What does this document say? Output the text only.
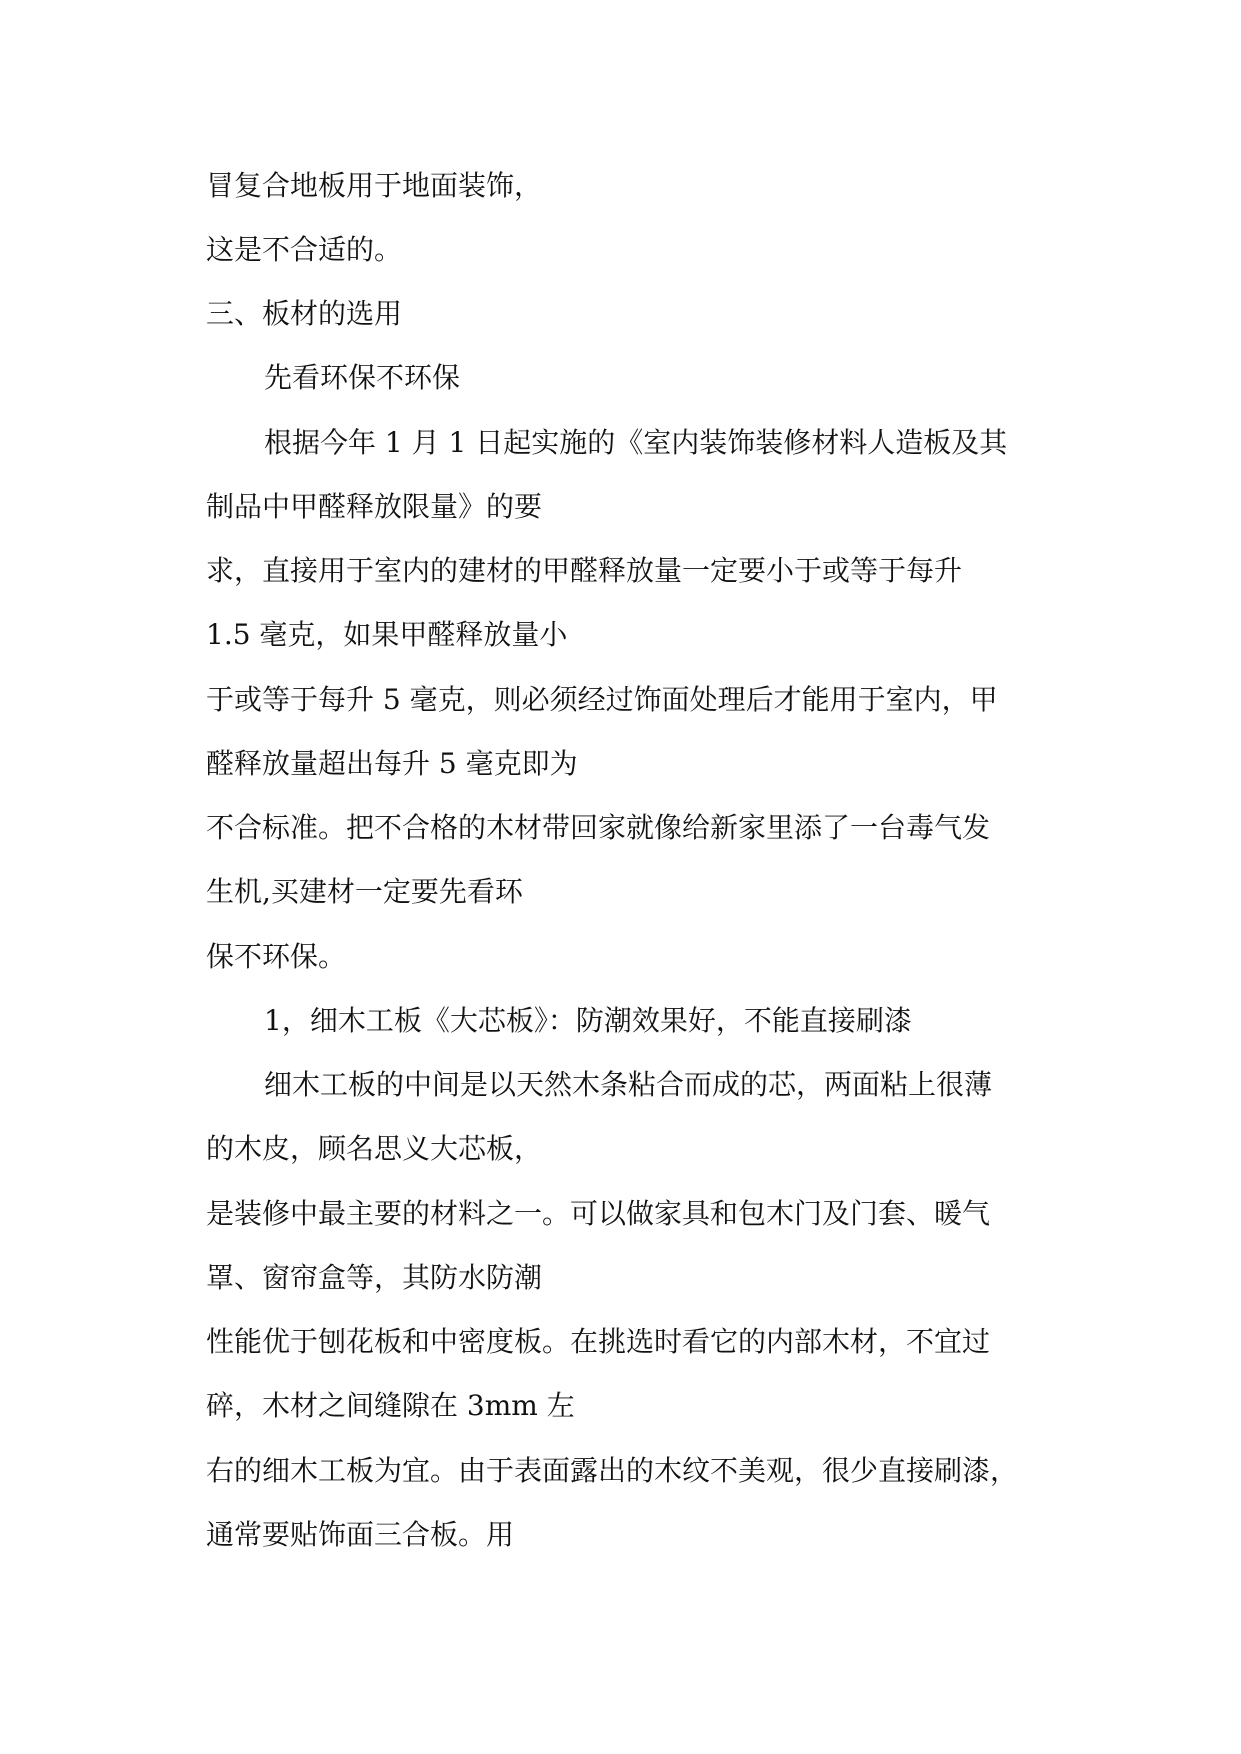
冒复合地板用于地面装饰，
这是不合适的。
三、板材的选用
先看环保不环保
根据今年 1 月 1 日起实施的《室内装饰装修材料人造板及其
制品中甲醛释放限量》的要
求，直接用于室内的建材的甲醛释放量一定要小于或等于每升
1.5 毫克，如果甲醛释放量小
于或等于每升 5 毫克，则必须经过饰面处理后才能用于室内，甲
醛释放量超出每升 5 毫克即为
不合标准。把不合格的木材带回家就像给新家里添了一台毒气发
生机,买建材一定要先看环
保不环保。
1，细木工板《大芯板》：防潮效果好，不能直接刷漆
细木工板的中间是以天然木条粘合而成的芯，两面粘上很薄
的木皮，顾名思义大芯板，
是装修中最主要的材料之一。可以做家具和包木门及门套、暖气
罩、窗帘盒等，其防水防潮
性能优于刨花板和中密度板。在挑选时看它的内部木材，不宜过
碎，木材之间缝隙在 3mm 左
右的细木工板为宜。由于表面露出的木纹不美观，很少直接刷漆，
通常要贴饰面三合板。用
